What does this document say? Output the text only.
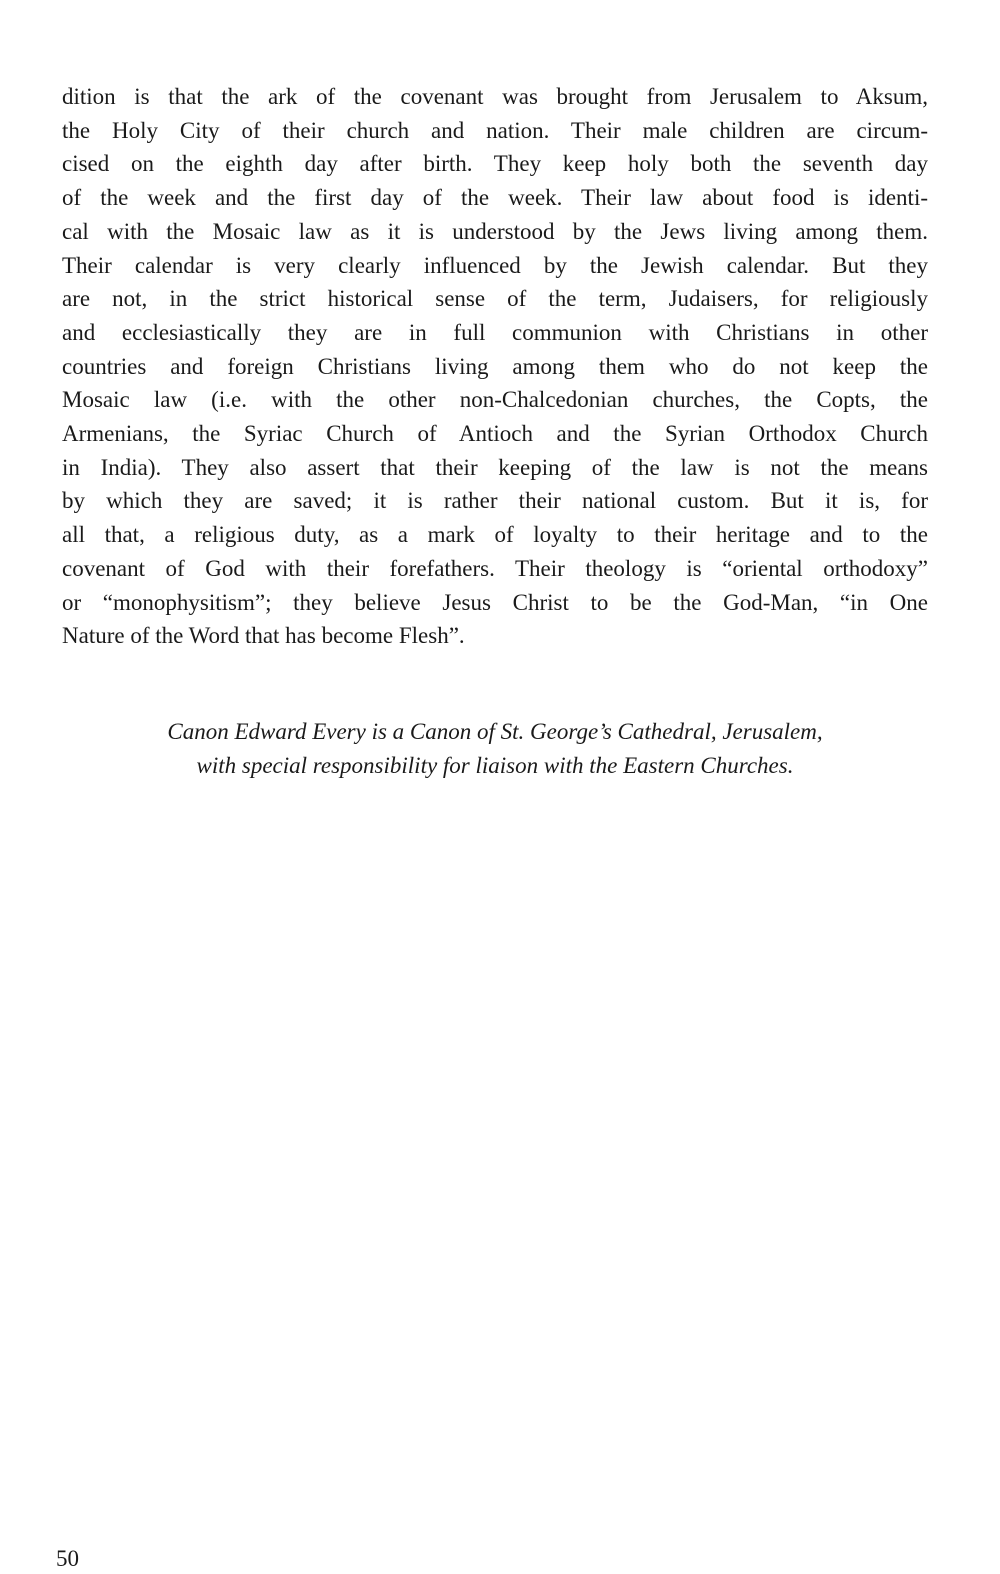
dition is that the ark of the covenant was brought from Jerusalem to Aksum,
the Holy City of their church and nation. Their male children are circum-
cised on the eighth day after birth. They keep holy both the seventh day
of the week and the first day of the week. Their law about food is identi-
cal with the Mosaic law as it is understood by the Jews living among them.
Their calendar is very clearly influenced by the Jewish calendar. But they
are not, in the strict historical sense of the term, Judaisers, for religiously
and ecclesiastically they are in full communion with Christians in other
countries and foreign Christians living among them who do not keep the
Mosaic law (i.e. with the other non-Chalcedonian churches, the Copts, the
Armenians, the Syriac Church of Antioch and the Syrian Orthodox Church
in India). They also assert that their keeping of the law is not the means
by which they are saved; it is rather their national custom. But it is, for
all that, a religious duty, as a mark of loyalty to their heritage and to the
covenant of God with their forefathers. Their theology is “oriental orthodoxy”
or “monophysitism”; they believe Jesus Christ to be the God-Man, “in One
Nature of the Word that has become Flesh”.
Canon Edward Every is a Canon of St. George’s Cathedral, Jerusalem,
with special responsibility for liaison with the Eastern Churches.
50
